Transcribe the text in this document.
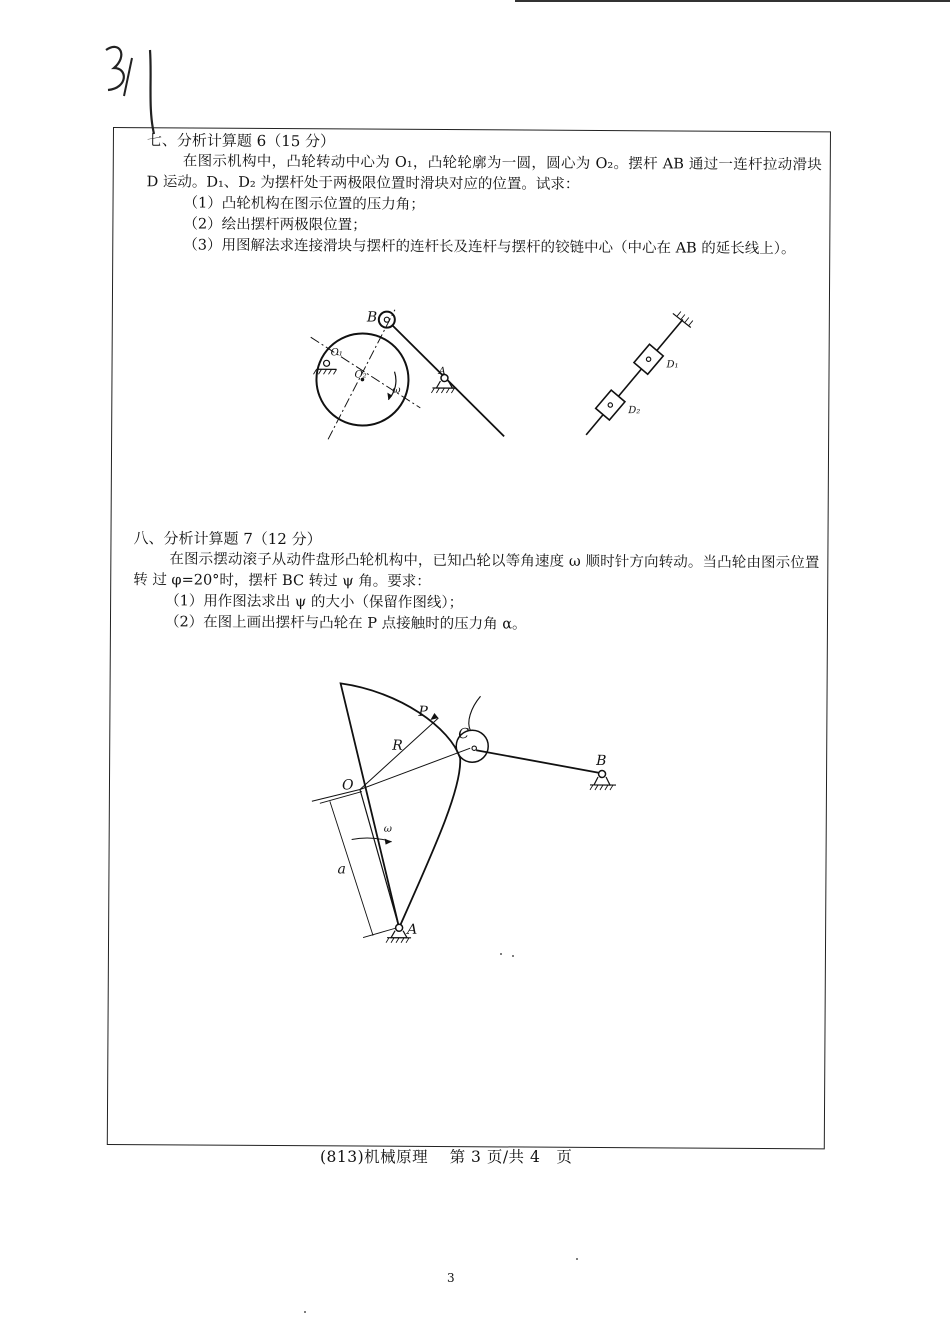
七、分析计算题 6（15 分）

在图示机构中，凸轮转动中心为 O₁，凸轮轮廓为一圆，圆心为 O₂。摆杆 AB 通过一连杆拉动滑块 D 运动。D₁、D₂ 为摆杆处于两极限位置时滑块对应的位置。试求：

（1）凸轮机构在图示位置的压力角；
（2）绘出摆杆两极限位置；
（3）用图解法求连接滑块与摆杆的连杆长及连杆与摆杆的铰链中心（中心在 AB 的延长线上）。
B
O₁
O₂
ω
A
D₁
D₂
八、分析计算题 7（12 分）

在图示摆动滚子从动件盘形凸轮机构中，已知凸轮以等角速度 ω 顺时针方向转动。当凸轮由图示位置转 过 φ=20°时，摆杆 BC 转过 ψ 角。要求：

（1）用作图法求出 ψ 的大小（保留作图线）；
（2）在图上画出摆杆与凸轮在 P 点接触时的压力角 α。
P
R
C
B
O
ω
a
A
(813)机械原理　 第 3 页/共 4　页
3
